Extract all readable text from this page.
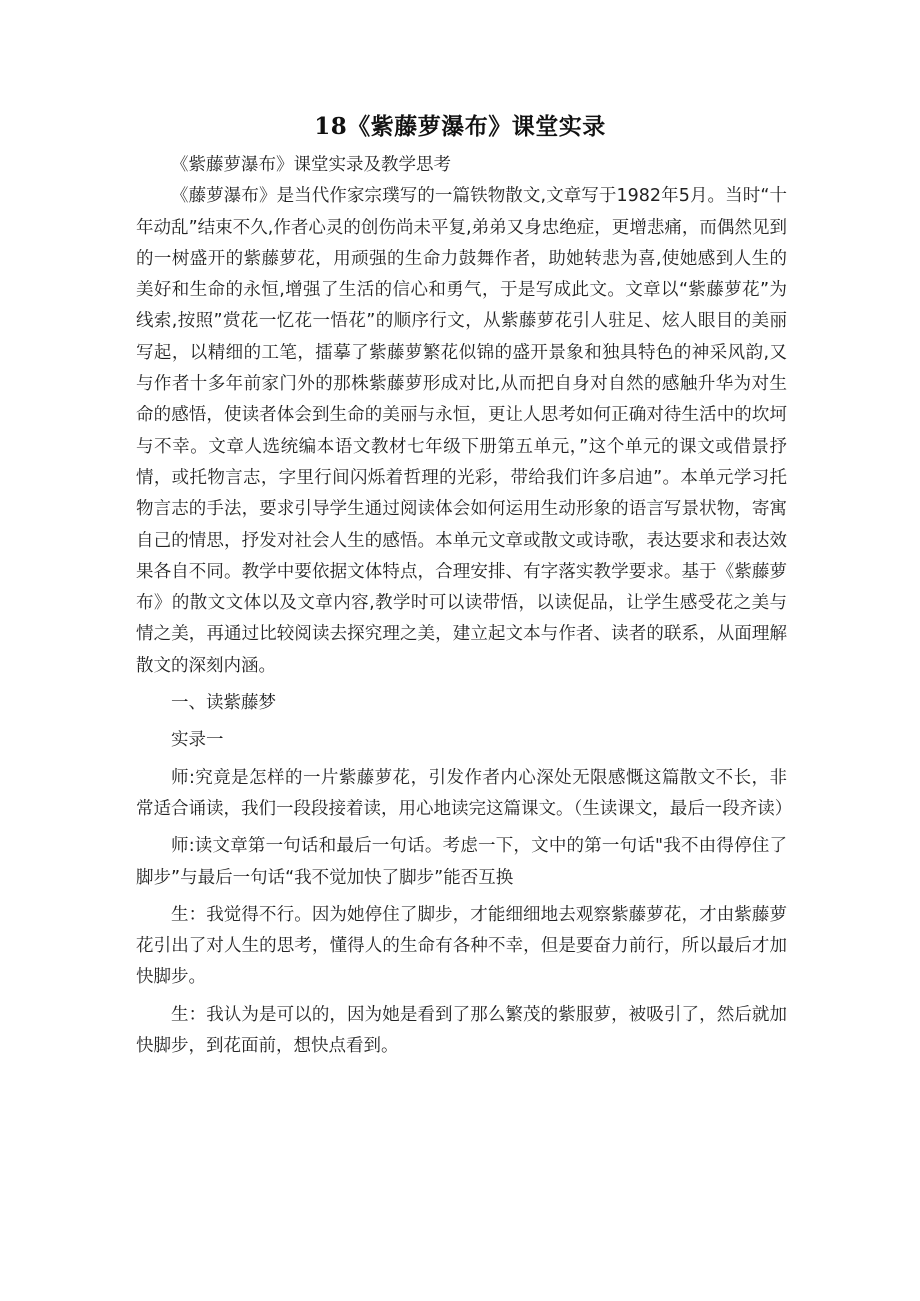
18《紫藤萝瀑布》课堂实录

《紫藤萝瀑布》课堂实录及教学思考

《藤萝瀑布》是当代作家宗璞写的一篇铁物散文,文章写于1982年5月。当时“十年动乱”结束不久,作者心灵的创伤尚未平复,弟弟又身忠绝症，更增悲痛，而偶然见到的一树盛开的紫藤萝花，用顽强的生命力鼓舞作者，助她转悲为喜,使她感到人生的美好和生命的永恒,增强了生活的信心和勇气，于是写成此文。文章以“紫藤萝花”为线索,按照”赏花一忆花一悟花”的顺序行文，从紫藤萝花引人驻足、炫人眼目的美丽写起，以精细的工笔，擂摹了紫藤萝繁花似锦的盛开景象和独具特色的神采风韵,又与作者十多年前家门外的那株紫藤萝形成对比,从而把自身对自然的感触升华为对生命的感悟，使读者体会到生命的美丽与永恒，更让人思考如何正确对待生活中的坎坷与不幸。文章人选统编本语文教材七年级下册第五单元，”这个单元的课文或借景抒情，或托物言志，字里行间闪烁着哲理的光彩，带给我们许多启迪”。本单元学习托物言志的手法，要求引导学生通过阅读体会如何运用生动形象的语言写景状物，寄寓自己的情思，抒发对社会人生的感悟。本单元文章或散文或诗歌，表达要求和表达效果各自不同。教学中要依据文体特点，合理安排、有字落实教学要求。基于《紫藤萝布》的散文文体以及文章内容,教学时可以读带悟，以读促品，让学生感受花之美与情之美，再通过比较阅读去探究理之美，建立起文本与作者、读者的联系，从面理解散文的深刻内涵。

一、读紫藤梦

实录一

师:究竟是怎样的一片紫藤萝花，引发作者内心深处无限感慨这篇散文不长，非常适合诵读，我们一段段接着读，用心地读完这篇课文。（生读课文，最后一段齐读）

师:读文章第一句话和最后一句话。考虑一下，文中的第一句话"我不由得停住了脚步”与最后一句话“我不觉加快了脚步”能否互换

生：我觉得不行。因为她停住了脚步，才能细细地去观察紫藤萝花，才由紫藤萝花引出了对人生的思考，懂得人的生命有各种不幸，但是要奋力前行，所以最后才加快脚步。

生：我认为是可以的，因为她是看到了那么繁茂的紫服萝，被吸引了，然后就加快脚步，到花面前，想快点看到。
